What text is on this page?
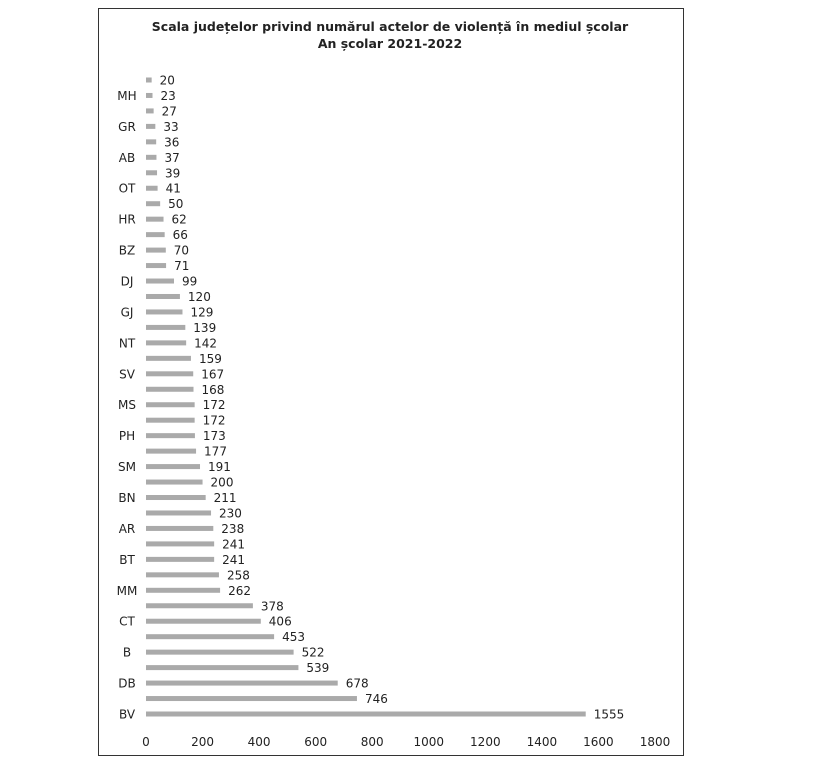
Scala județelor privind numărul actelor de violență în mediul școlar
An școlar 2021-2022
20
23
MH
27
33
GR
36
37
AB
39
41
OT
50
62
HR
66
70
BZ
71
99
DJ
120
129
GJ
139
142
NT
159
167
SV
168
172
MS
172
173
PH
177
191
SM
200
211
BN
230
238
AR
241
241
BT
258
262
MM
378
406
CT
453
522
B
539
678
DB
746
1555
BV
0	200	400	600	800 1000 1200 1400 1600 1800
